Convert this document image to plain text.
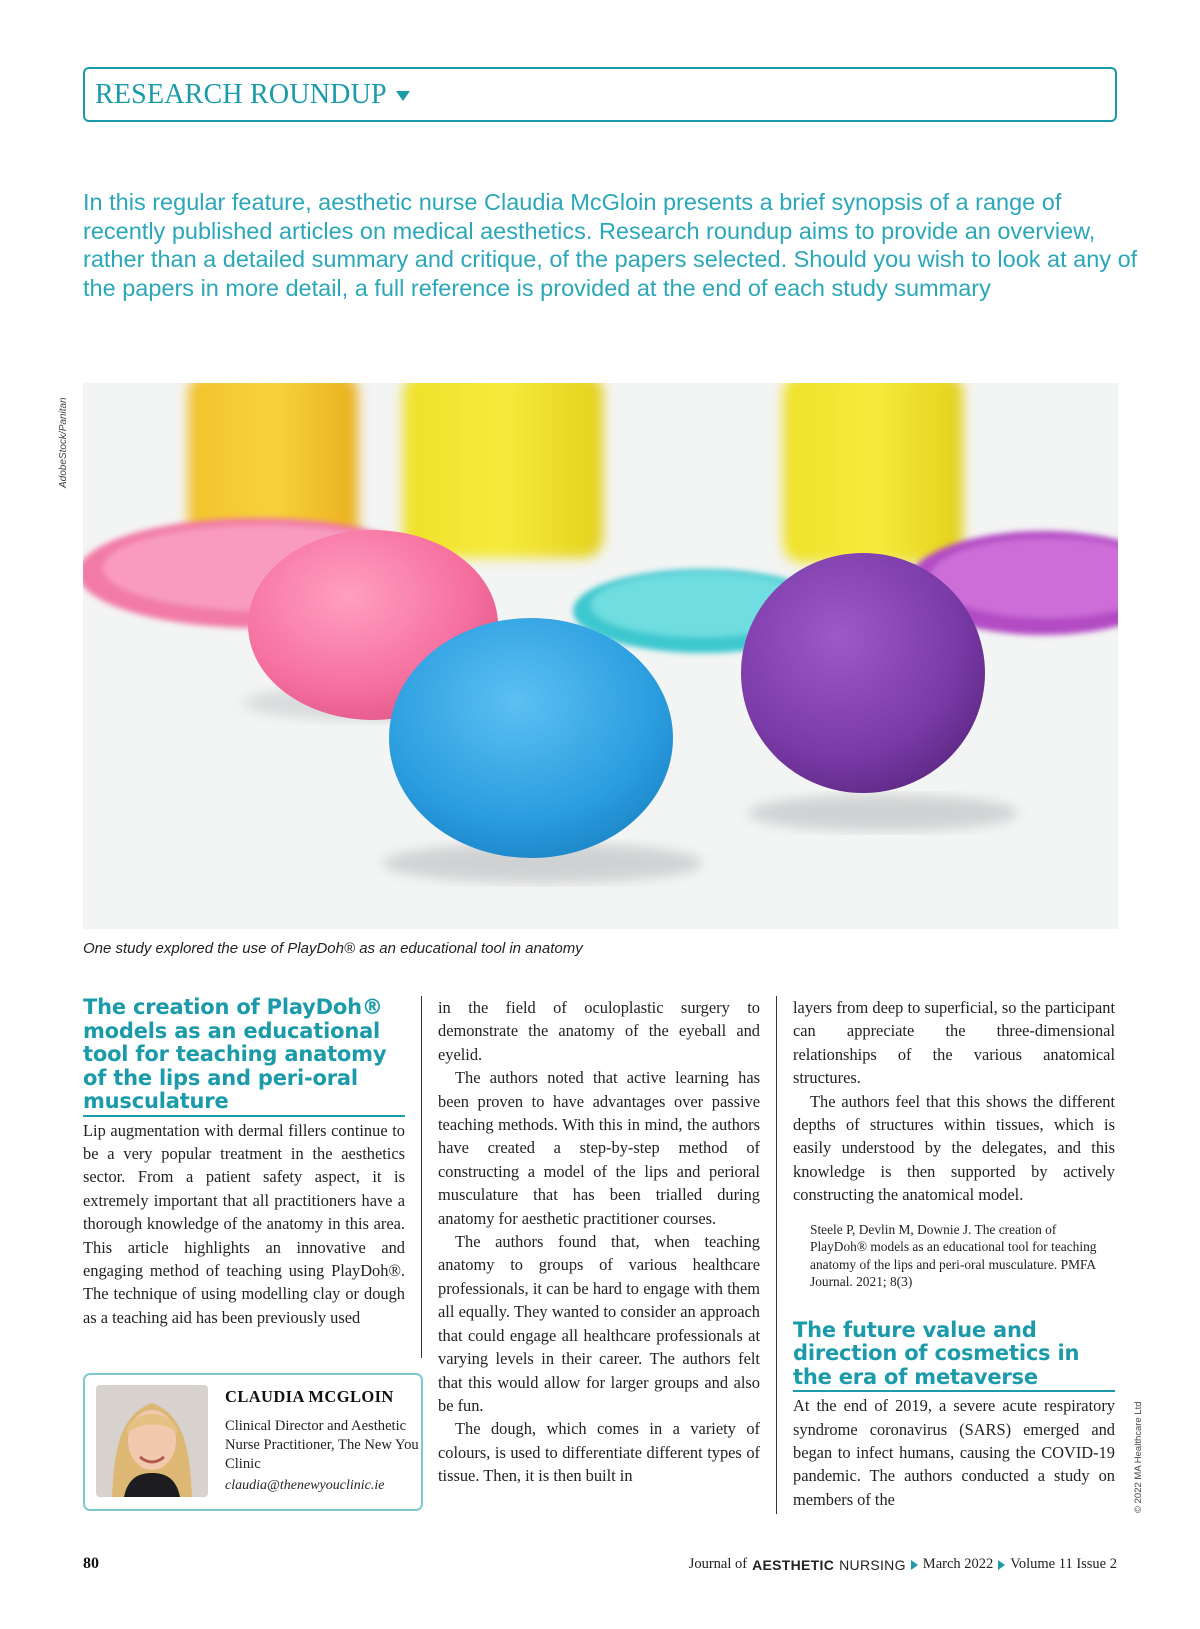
RESEARCH ROUNDUP

In this regular feature, aesthetic nurse Claudia McGloin presents a brief synopsis of a range of recently published articles on medical aesthetics. Research roundup aims to provide an overview, rather than a detailed summary and critique, of the papers selected. Should you wish to look at any of the papers in more detail, a full reference is provided at the end of each study summary

AdobeStock/Panitan
One study explored the use of PlayDoh® as an educational tool in anatomy
The creation of PlayDoh® models as an educational tool for teaching anatomy of the lips and peri-oral musculature

Lip augmentation with dermal fillers continue to be a very popular treatment in the aesthetics sector. From a patient safety aspect, it is extremely important that all practitioners have a thorough knowledge of the anatomy in this area. This article highlights an innovative and engaging method of teaching using PlayDoh®. The technique of using modelling clay or dough as a teaching aid has been previously used

CLAUDIA MCGLOIN
Clinical Director and Aesthetic Nurse Practitioner, The New You Clinic
claudia@thenewyouclinic.ie

in the field of oculoplastic surgery to demonstrate the anatomy of the eyeball and eyelid.

The authors noted that active learning has been proven to have advantages over passive teaching methods. With this in mind, the authors have created a step-by-step method of constructing a model of the lips and perioral musculature that has been trialled during anatomy for aesthetic practitioner courses.

The authors found that, when teaching anatomy to groups of various healthcare professionals, it can be hard to engage with them all equally. They wanted to consider an approach that could engage all healthcare professionals at varying levels in their career. The authors felt that this would allow for larger groups and also be fun.

The dough, which comes in a variety of colours, is used to differentiate different types of tissue. Then, it is then built in

layers from deep to superficial, so the participant can appreciate the three-dimensional relationships of the various anatomical structures.

The authors feel that this shows the different depths of structures within tissues, which is easily understood by the delegates, and this knowledge is then supported by actively constructing the anatomical model.

Steele P, Devlin M, Downie J. The creation of PlayDoh® models as an educational tool for teaching anatomy of the lips and peri-oral musculature. PMFA Journal. 2021; 8(3)

The future value and direction of cosmetics in the era of metaverse

At the end of 2019, a severe acute respiratory syndrome coronavirus (SARS) emerged and began to infect humans, causing the COVID-19 pandemic. The authors conducted a study on members of the	© 2022 MA Healthcare Ltd
80	Journal of AESTHETIC NURSING March 2022 Volume 11 Issue 2
